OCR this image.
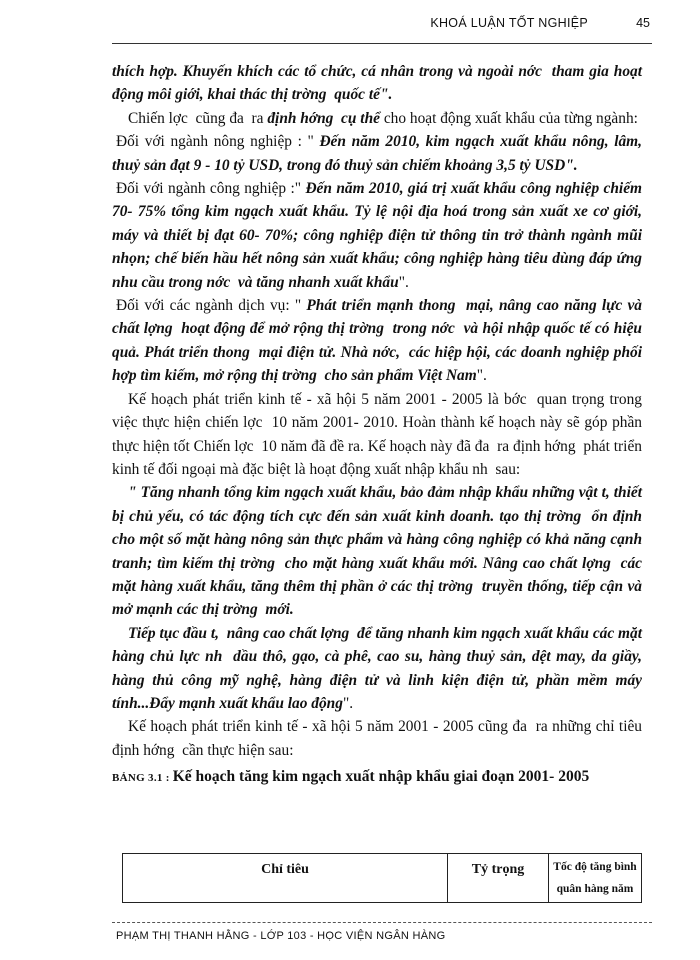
KHOÁ LUẬN TỐT NGHIỆP	45

thích hợp. Khuyến khích các tổ chức, cá nhân trong và ngoài nớc  tham gia hoạt động môi giới, khai thác thị trờng  quốc tế".

Chiến lợc  cũng đa  ra định hớng  cụ thể cho hoạt động xuất khẩu của từng ngành:

Đối với ngành nông nghiệp : " Đến năm 2010, kim ngạch xuất khẩu nông, lâm, thuỷ sản đạt 9 - 10 tỷ USD, trong đó thuỷ sản chiếm khoảng 3,5 tỷ USD".

Đối với ngành công nghiệp :" Đến năm 2010, giá trị xuất khẩu công nghiệp chiếm 70- 75% tổng kim ngạch xuất khẩu. Tỷ lệ nội địa hoá trong sản xuất xe cơ giới, máy và thiết bị đạt 60- 70%; công nghiệp điện tử thông tin trở thành ngành mũi nhọn; chế biến hầu hết nông sản xuất khẩu; công nghiệp hàng tiêu dùng đáp ứng nhu cầu trong nớc  và tăng nhanh xuất khẩu".

Đối với các ngành dịch vụ: " Phát triển mạnh thong  mại, nâng cao năng lực và chất lợng  hoạt động để mở rộng thị trờng  trong nớc  và hội nhập quốc tế có hiệu quả. Phát triển thong  mại điện tử. Nhà nớc,  các hiệp hội, các doanh nghiệp phối hợp tìm kiếm, mở rộng thị trờng  cho sản phẩm Việt Nam".

Kế hoạch phát triển kinh tế - xã hội 5 năm 2001 - 2005 là bớc  quan trọng trong việc thực hiện chiến lợc  10 năm 2001- 2010. Hoàn thành kế hoạch này sẽ góp phần thực hiện tốt Chiến lợc  10 năm đã đề ra. Kế hoạch này đã đa  ra định hớng  phát triển kinh tế đối ngoại mà đặc biệt là hoạt động xuất nhập khẩu nh  sau:

" Tăng nhanh tổng kim ngạch xuất khẩu, bảo đảm nhập khẩu những vật t, thiết bị chủ yếu, có tác động tích cực đến sản xuất kinh doanh. tạo thị trờng  ổn định cho một số mặt hàng nông sản thực phẩm và hàng công nghiệp có khả năng cạnh tranh; tìm kiếm thị trờng  cho mặt hàng xuất khẩu mới. Nâng cao chất lợng  các mặt hàng xuất khẩu, tăng thêm thị phần ở các thị trờng  truyền thống, tiếp cận và mở mạnh các thị trờng  mới.

Tiếp tục đầu t,  nâng cao chất lợng  để tăng nhanh kim ngạch xuất khẩu các mặt hàng chủ lực nh  dầu thô, gạo, cà phê, cao su, hàng thuỷ sản, dệt may, da giầy, hàng thủ công mỹ nghệ, hàng điện tử và linh kiện điện tử, phần mềm máy tính...Đẩy mạnh xuất khẩu lao động".

Kế hoạch phát triển kinh tế - xã hội 5 năm 2001 - 2005 cũng đa  ra những chỉ tiêu định hớng  cần thực hiện sau:

BẢNG 3.1 : Kế hoạch tăng kim ngạch xuất nhập khẩu giai đoạn 2001- 2005
Chỉ tiêu	Tỷ trọng	Tốc độ tăng bình
quân hàng năm
PHẠM THỊ THANH HẰNG - LỚP 103 - HỌC VIỆN NGÂN HÀNG
